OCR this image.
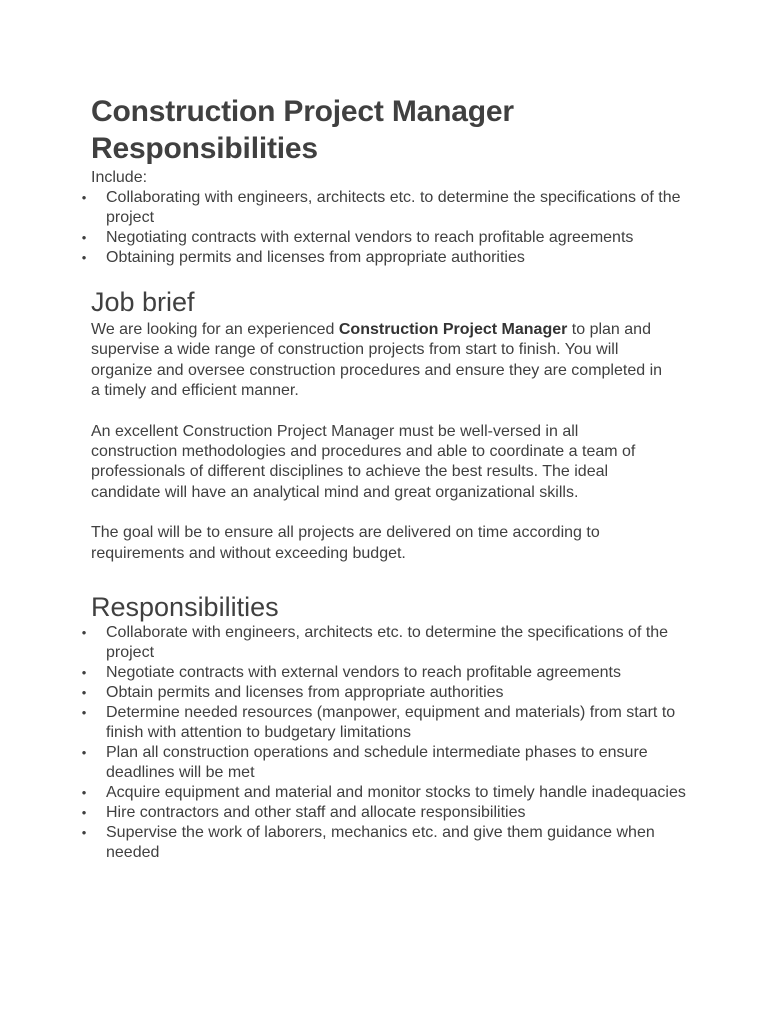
Construction Project Manager Responsibilities

Include:

• Collaborating with engineers, architects etc. to determine the specifications of the project
• Negotiating contracts with external vendors to reach profitable agreements
• Obtaining permits and licenses from appropriate authorities
Job brief

We are looking for an experienced Construction Project Manager to plan and supervise a wide range of construction projects from start to finish. You will organize and oversee construction procedures and ensure they are completed in a timely and efficient manner.

An excellent Construction Project Manager must be well-versed in all construction methodologies and procedures and able to coordinate a team of professionals of different disciplines to achieve the best results. The ideal candidate will have an analytical mind and great organizational skills.

The goal will be to ensure all projects are delivered on time according to requirements and without exceeding budget.

Responsibilities
• Collaborate with engineers, architects etc. to determine the specifications of the project
• Negotiate contracts with external vendors to reach profitable agreements
• Obtain permits and licenses from appropriate authorities
• Determine needed resources (manpower, equipment and materials) from start to finish with attention to budgetary limitations
• Plan all construction operations and schedule intermediate phases to ensure deadlines will be met
• Acquire equipment and material and monitor stocks to timely handle inadequacies
• Hire contractors and other staff and allocate responsibilities
• Supervise the work of laborers, mechanics etc. and give them guidance when needed
